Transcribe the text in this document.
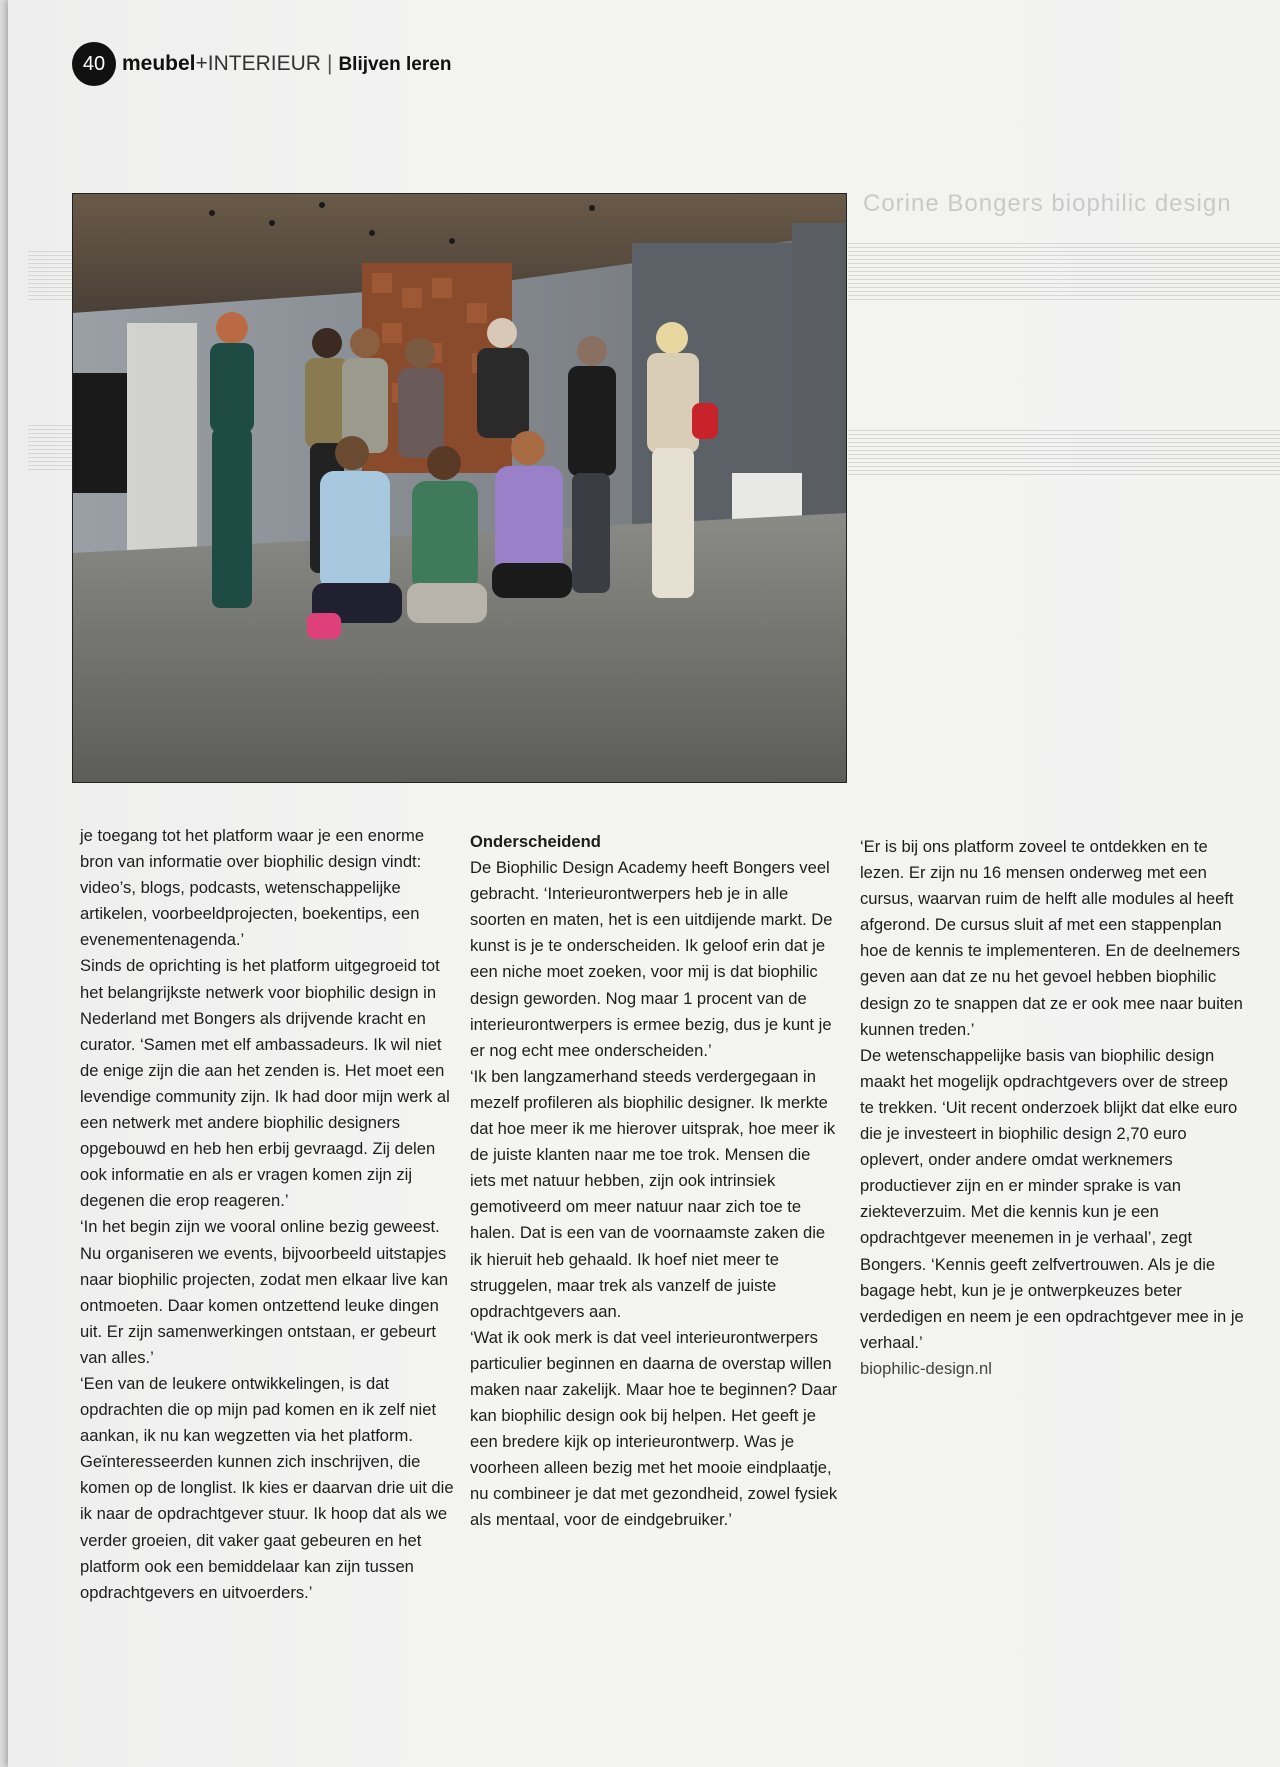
40 meubel +INTERIEUR | Blijven leren
Corine Bongers biophilic design

je toegang tot het platform waar je een enorme bron van informatie over biophilic design vindt: video’s, blogs, podcasts, wetenschappelijke artikelen, voorbeeldprojecten, boekentips, een evenementenagenda.’

Sinds de oprichting is het platform uitgegroeid tot het belangrijkste netwerk voor biophilic design in Nederland met Bongers als drijvende kracht en curator. ‘Samen met elf ambassadeurs. Ik wil niet de enige zijn die aan het zenden is. Het moet een levendige community zijn. Ik had door mijn werk al een netwerk met andere biophilic designers opgebouwd en heb hen erbij gevraagd. Zij delen ook informatie en als er vragen komen zijn zij degenen die erop reageren.’

‘In het begin zijn we vooral online bezig geweest. Nu organiseren we events, bijvoorbeeld uitstapjes naar biophilic projecten, zodat men elkaar live kan ontmoeten. Daar komen ontzettend leuke dingen uit. Er zijn samenwerkingen ontstaan, er gebeurt van alles.’

‘Een van de leukere ontwikkelingen, is dat opdrachten die op mijn pad komen en ik zelf niet aankan, ik nu kan wegzetten via het platform. Geïnteresseerden kunnen zich inschrijven, die komen op de longlist. Ik kies er daarvan drie uit die ik naar de opdrachtgever stuur. Ik hoop dat als we verder groeien, dit vaker gaat gebeuren en het platform ook een bemiddelaar kan zijn tussen opdrachtgevers en uitvoerders.’

Onderscheidend

De Biophilic Design Academy heeft Bongers veel gebracht. ‘Interieurontwerpers heb je in alle soorten en maten, het is een uitdijende markt. De kunst is je te onderscheiden. Ik geloof erin dat je een niche moet zoeken, voor mij is dat biophilic design geworden. Nog maar 1 procent van de interieurontwerpers is ermee bezig, dus je kunt je er nog echt mee onderscheiden.’

‘Ik ben langzamerhand steeds verdergegaan in mezelf profileren als biophilic designer. Ik merkte dat hoe meer ik me hierover uitsprak, hoe meer ik de juiste klanten naar me toe trok. Mensen die iets met natuur hebben, zijn ook intrinsiek gemotiveerd om meer natuur naar zich toe te halen. Dat is een van de voornaamste zaken die ik hieruit heb gehaald. Ik hoef niet meer te struggelen, maar trek als vanzelf de juiste opdrachtgevers aan.

‘Wat ik ook merk is dat veel interieurontwerpers particulier beginnen en daarna de overstap willen maken naar zakelijk. Maar hoe te beginnen? Daar kan biophilic design ook bij helpen. Het geeft je een bredere kijk op interieurontwerp. Was je voorheen alleen bezig met het mooie eindplaatje, nu combineer je dat met gezondheid, zowel fysiek als mentaal, voor de eindgebruiker.’

‘Er is bij ons platform zoveel te ontdekken en te lezen. Er zijn nu 16 mensen onderweg met een cursus, waarvan ruim de helft alle modules al heeft afgerond. De cursus sluit af met een stappenplan hoe de kennis te implementeren. En de deelnemers geven aan dat ze nu het gevoel hebben biophilic design zo te snappen dat ze er ook mee naar buiten kunnen treden.’

De wetenschappelijke basis van biophilic design maakt het mogelijk opdrachtgevers over de streep te trekken. ‘Uit recent onderzoek blijkt dat elke euro die je investeert in biophilic design 2,70 euro oplevert, onder andere omdat werknemers productiever zijn en er minder sprake is van ziekteverzuim. Met die kennis kun je een opdrachtgever meenemen in je verhaal’, zegt Bongers. ‘Kennis geeft zelfvertrouwen. Als je die bagage hebt, kun je je ontwerpkeuzes beter verdedigen en neem je een opdrachtgever mee in je verhaal.’

biophilic-design.nl
